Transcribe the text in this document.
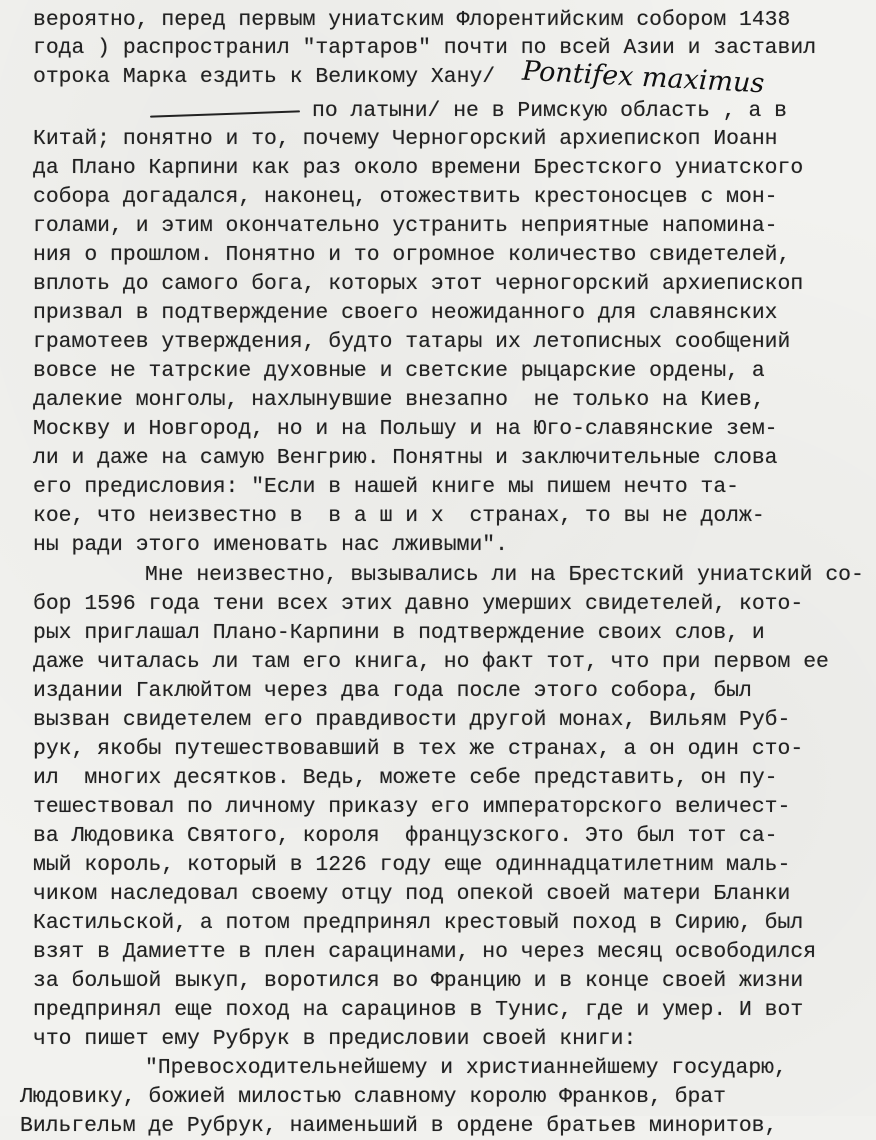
вероятно, перед первым униатским Флорентийским собором 1438
года ) распространил "тартаров" почти по всей Азии и заставил
отрока Марка ездить к Великому Хану/
по латыни/ не в Римскую область , а в
Китай; понятно и то, почему Черногорский архиепископ Иоанн
да Плано Карпини как раз около времени Брестского униатского
собора догадался, наконец, отожествить крестоносцев с мон-
голами, и этим окончательно устранить неприятные напомина-
ния о прошлом. Понятно и то огромное количество свидетелей,
вплоть до самого бога, которых этот черногорский архиепископ
призвал в подтверждение своего неожиданного для славянских
грамотеев утверждения, будто татары их летописных сообщений
вовсе не татрские духовные и светские рыцарские ордены, а
далекие монголы, нахлынувшие внезапно  не только на Киев,
Москву и Новгород, но и на Польшу и на Юго-славянские зем-
ли и даже на самую Венгрию. Понятны и заключительные слова
его предисловия: "Если в нашей книге мы пишем нечто та-
кое, что неизвестно в  в а ш и х  странах, то вы не долж-
ны ради этого именовать нас лживыми".
Мне неизвестно, вызывались ли на Брестский униатский со-
бор 1596 года тени всех этих давно умерших свидетелей, кото-
рых приглашал Плано-Карпини в подтверждение своих слов, и
даже читалась ли там его книга, но факт тот, что при первом ее
издании Гаклюйтом через два года после этого собора, был
вызван свидетелем его правдивости другой монах, Вильям Руб-
рук, якобы путешествовавший в тех же странах, а он один сто-
ил  многих десятков. Ведь, можете себе представить, он пу-
тешествовал по личному приказу его императорского величест-
ва Людовика Святого, короля  французского. Это был тот са-
мый король, который в 1226 году еще одиннадцатилетним маль-
чиком наследовал своему отцу под опекой своей матери Бланки
Кастильской, а потом предпринял крестовый поход в Сирию, был
взят в Дамиетте в плен сарацинами, но через месяц освободился
за большой выкуп, воротился во Францию и в конце своей жизни
предпринял еще поход на сарацинов в Тунис, где и умер. И вот
что пишет ему Рубрук в предисловии своей книги:
"Превосходительнейшему и христианнейшему государю,
Людовику, божией милостью славному королю Франков, брат
Вильгельм де Рубрук, наименьший в ордене братьев миноритов,
Pontifex maximus
